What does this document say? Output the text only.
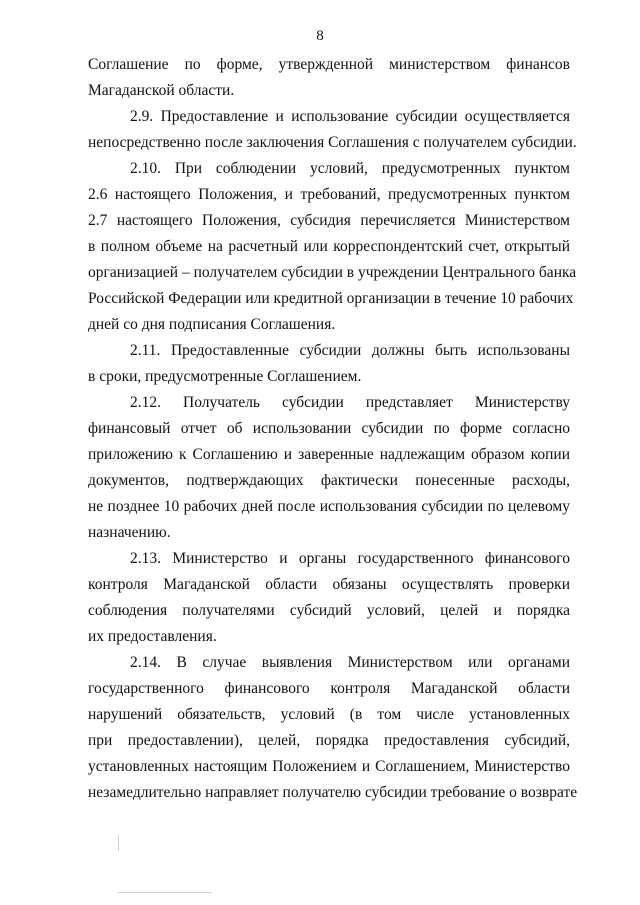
8

Соглашение по форме, утвержденной министерством финансов
Магаданской области.

2.9. Предоставление и использование субсидии осуществляется
непосредственно после заключения Соглашения с получателем субсидии.

2.10. При соблюдении условий, предусмотренных пунктом
2.6 настоящего Положения, и требований, предусмотренных пунктом
2.7 настоящего Положения, субсидия перечисляется Министерством
в полном объеме на расчетный или корреспондентский счет, открытый
организацией – получателем субсидии в учреждении Центрального банка
Российской Федерации или кредитной организации в течение 10 рабочих
дней со дня подписания Соглашения.

2.11. Предоставленные субсидии должны быть использованы
в сроки, предусмотренные Соглашением.

2.12. Получатель субсидии представляет Министерству
финансовый отчет об использовании субсидии по форме согласно
приложению к Соглашению и заверенные надлежащим образом копии
документов, подтверждающих фактически понесенные расходы,
не позднее 10 рабочих дней после использования субсидии по целевому
назначению.

2.13. Министерство и органы государственного финансового
контроля Магаданской области обязаны осуществлять проверки
соблюдения получателями субсидий условий, целей и порядка
их предоставления.

2.14. В случае выявления Министерством или органами
государственного финансового контроля Магаданской области
нарушений обязательств, условий (в том числе установленных
при предоставлении), целей, порядка предоставления субсидий,
установленных настоящим Положением и Соглашением, Министерство
незамедлительно направляет получателю субсидии требование о возврате
